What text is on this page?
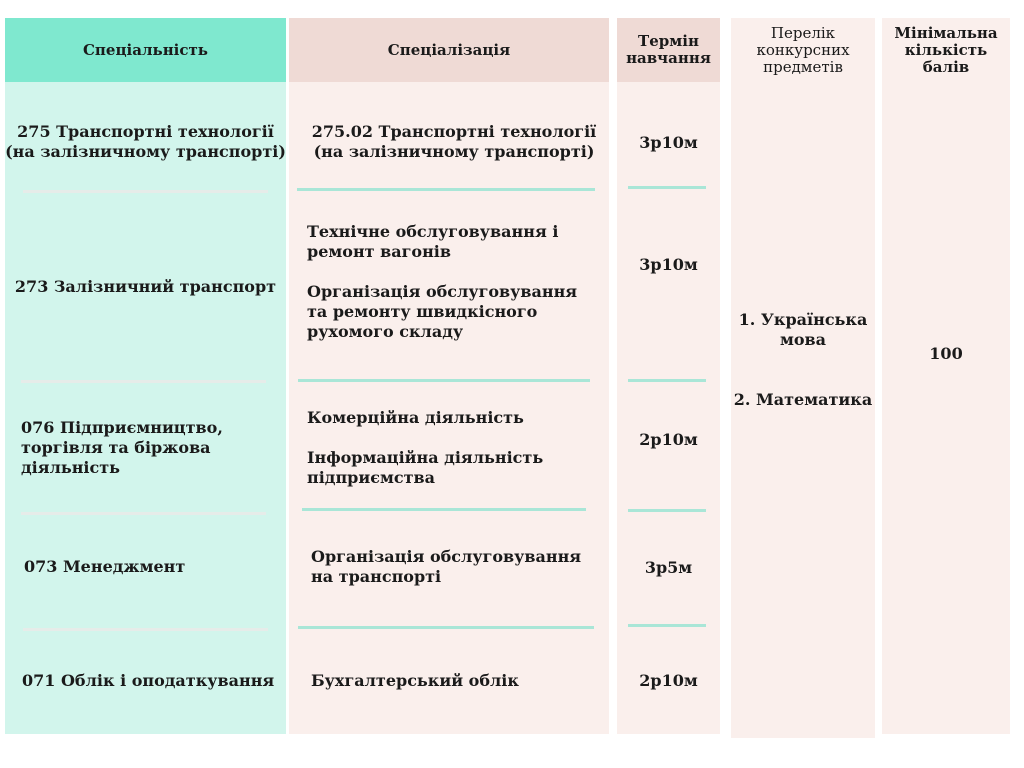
Спеціальність
275 Транспортні технології (на залізничному транспорті)
273 Залізничний транспорт
076 Підприємництво, торгівля та біржова діяльність
073 Менеджмент
071 Облік і оподаткування
Спеціалізація
275.02 Транспортні технології (на залізничному транспорті)
Технічне обслуговування і ремонт вагонів
Організація обслуговування та ремонту швидкісного рухомого складу
Комерційна діяльність
Інформаційна діяльність підприємства
Організація обслуговування на транспорті
Бухгалтерський облік
Термін навчання
3р10м
3р10м
2р10м
3р5м
2р10м
Перелік конкурсних предметів
1. Українська мова
2. Математика
Мінімальна кількість балів
100
